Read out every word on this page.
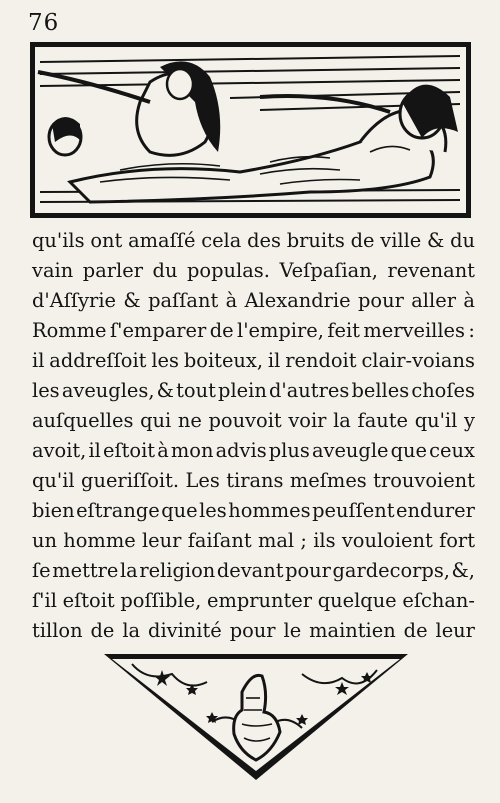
76
qu'ils ont amaſſé cela des bruits de ville & du
vain parler du populas. Veſpaſian, revenant
d'Aſſyrie & paſſant à Alexandrie pour aller à
Romme ſ'emparer de l'empire, feit merveilles :
il addreſſoit les boiteux, il rendoit clair-voians
les aveugles, & tout plein d'autres belles choſes
auſquelles qui ne pouvoit voir la faute qu'il y
avoit, il eſtoit à mon advis plus aveugle que ceux
qu'il gueriſſoit. Les tirans meſmes trouvoient
bien eſtrange que les hommes peuſſent endurer
un homme leur faiſant mal ; ils vouloient fort
ſe mettre la religion devant pour gardecorps, &,
ſ'il eſtoit poſſible, emprunter quelque eſchan-
tillon de la divinité pour le maintien de leur
